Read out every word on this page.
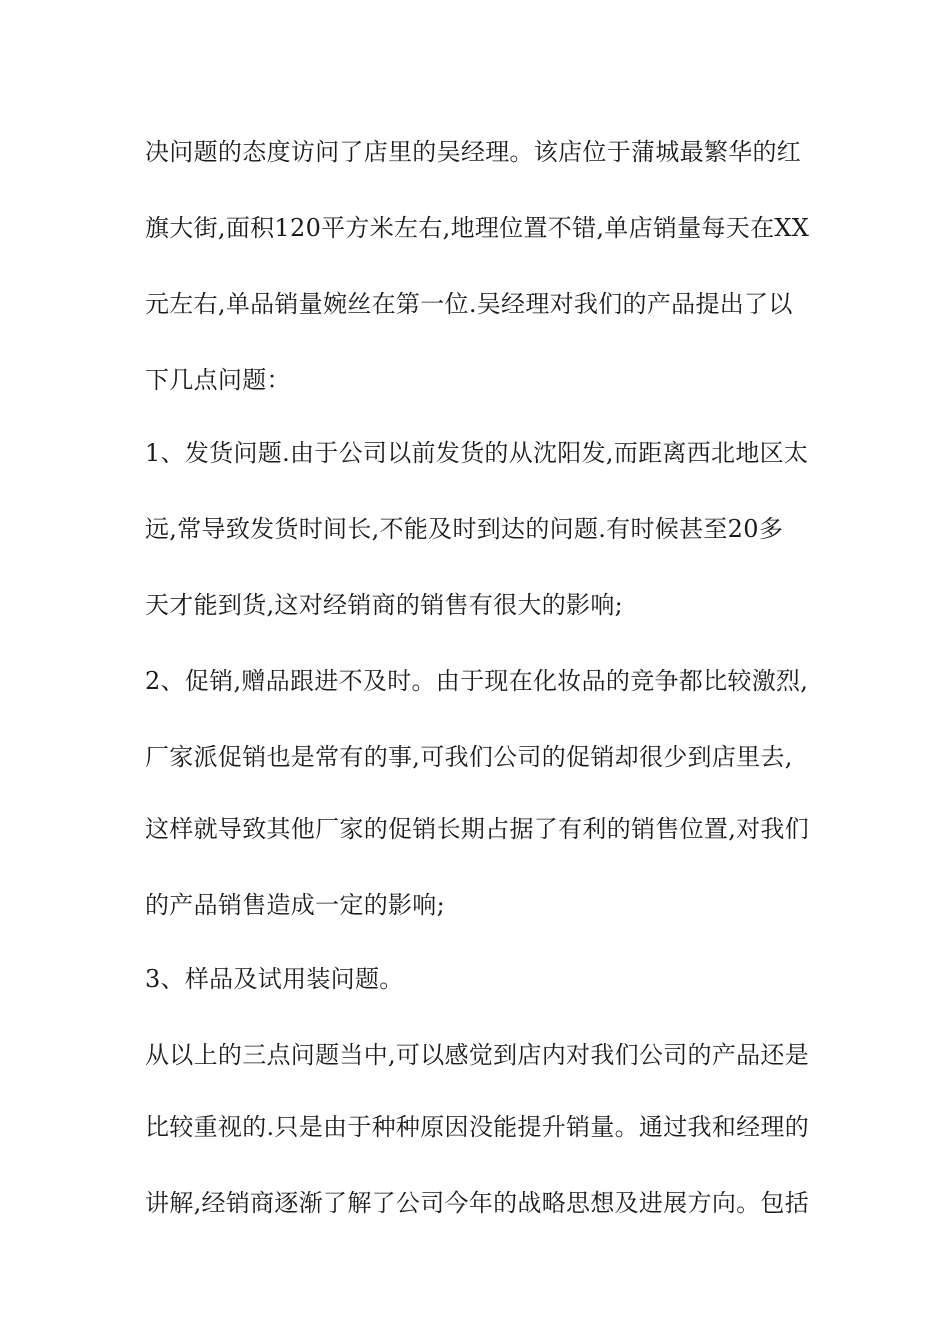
决问题的态度访问了店里的吴经理。该店位于蒲城最繁华的红
旗大街,面积120平方米左右,地理位置不错,单店销量每天在XX
元左右,单品销量婉丝在第一位.吴经理对我们的产品提出了以
下几点问题：
1、发货问题.由于公司以前发货的从沈阳发,而距离西北地区太
远,常导致发货时间长,不能及时到达的问题.有时候甚至20多
天才能到货,这对经销商的销售有很大的影响;
2、促销,赠品跟进不及时。由于现在化妆品的竞争都比较激烈,
厂家派促销也是常有的事,可我们公司的促销却很少到店里去,
这样就导致其他厂家的促销长期占据了有利的销售位置,对我们
的产品销售造成一定的影响;
3、样品及试用装问题。
从以上的三点问题当中,可以感觉到店内对我们公司的产品还是
比较重视的.只是由于种种原因没能提升销量。通过我和经理的
讲解,经销商逐渐了解了公司今年的战略思想及进展方向。包括
